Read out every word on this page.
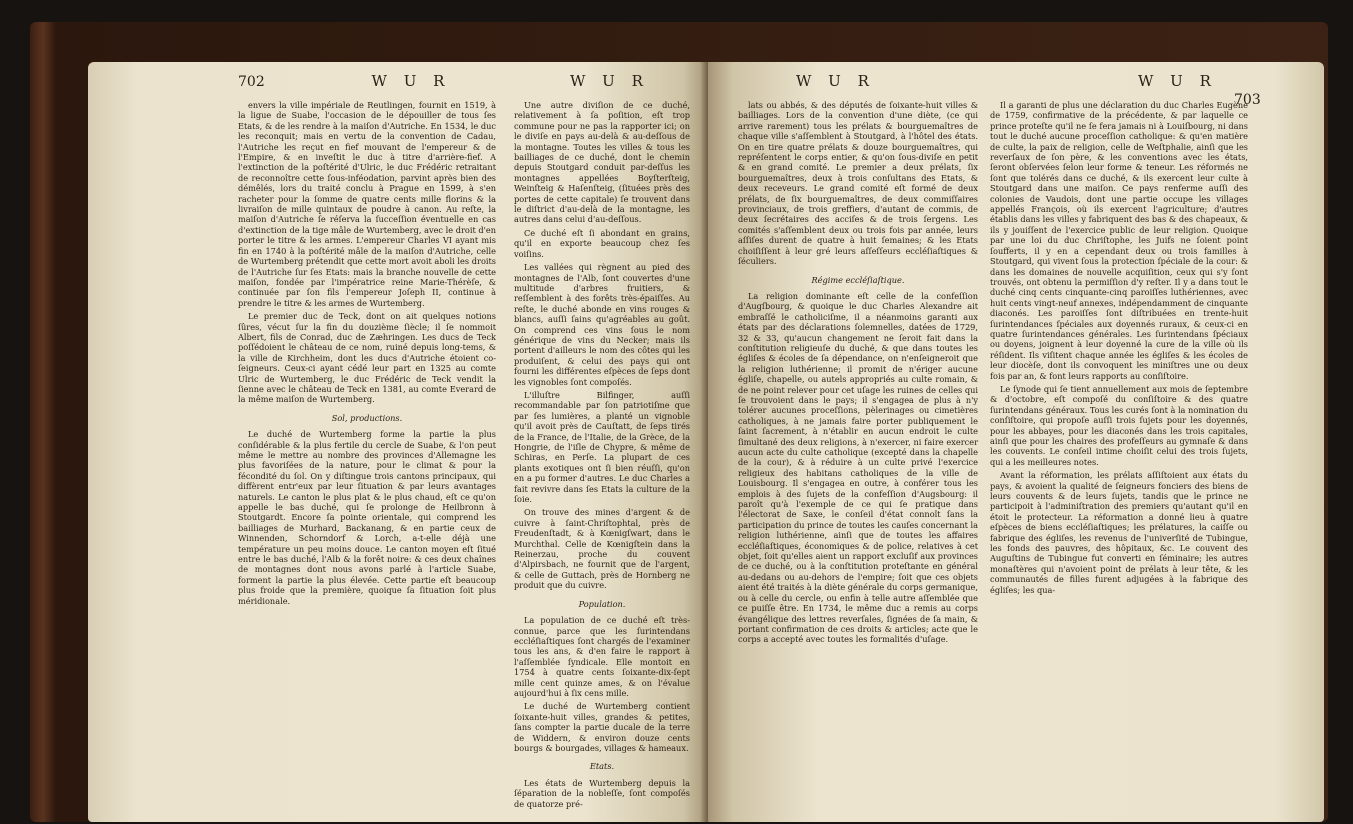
702	W U R	W U R

envers la ville impériale de Reutlingen, fournit en 1519, à la ligue de Suabe, l'occasion de le dépouiller de tous ſes Etats, & de les rendre à la maiſon d'Autriche. En 1534, le duc les reconquit; mais en vertu de la convention de Cadau, l'Autriche les reçut en fief mouvant de l'empereur & de l'Empire, & en inveſtit le duc à titre d'arrière-fief. A l'extinction de la poſtérité d'Ulric, le duc Frédéric retraitant de reconnoître cette ſous-inféodation, parvint après bien des démêlés, lors du traité conclu à Prague en 1599, à s'en racheter pour la ſomme de quatre cents mille florins & la livraiſon de mille quintaux de poudre à canon. Au reſte, la maiſon d'Autriche ſe réſerva la ſucceſſion éventuelle en cas d'extinction de la tige mâle de Wurtemberg, avec le droit d'en porter le titre & les armes. L'empereur Charles VI ayant mis fin en 1740 à la poſtérité mâle de la maiſon d'Autriche, celle de Wurtemberg prétendit que cette mort avoit aboli les droits de l'Autriche ſur ſes Etats: mais la branche nouvelle de cette maiſon, fondée par l'impératrice reine Marie-Thérèſe, & continuée par ſon fils l'empereur Joſeph II, continue à prendre le titre & les armes de Wurtemberg.

Le premier duc de Teck, dont on ait quelques notions ſûres, vécut ſur la fin du douzième ſiècle; il ſe nommoit Albert, fils de Conrad, duc de Zæhringen. Les ducs de Teck poſſédoient le château de ce nom, ruiné depuis long-tems, & la ville de Kirchheim, dont les ducs d'Autriche étoient co-ſeigneurs. Ceux-ci ayant cédé leur part en 1325 au comte Ulric de Wurtemberg, le duc Frédéric de Teck vendit la ſienne avec le château de Teck en 1381, au comte Everard de la même maiſon de Wurtemberg.

Sol, productions.

Le duché de Wurtemberg forme la partie la plus conſidérable & la plus fertile du cercle de Suabe, & l'on peut même le mettre au nombre des provinces d'Allemagne les plus favoriſées de la nature, pour le climat & pour la fécondité du ſol. On y diſtingue trois cantons principaux, qui diffèrent entr'eux par leur ſituation & par leurs avantages naturels. Le canton le plus plat & le plus chaud, eſt ce qu'on appelle le bas duché, qui ſe prolonge de Heilbronn à Stoutgardt. Encore ſa pointe orientale, qui comprend les bailliages de Murhard, Backanang, & en partie ceux de Winnenden, Schorndorf & Lorch, a-t-elle déjà une température un peu moins douce. Le canton moyen eſt ſitué entre le bas duché, l'Alb & la forêt noire: & ces deux chaînes de montagnes dont nous avons parlé à l'article Suabe, forment la partie la plus élevée. Cette partie eſt beaucoup plus froide que la première, quoique ſa ſituation ſoit plus méridionale.

Une autre diviſion de ce duché, relativement à ſa poſition, eſt trop commune pour ne pas la rapporter ici; on le diviſe en pays au-delà & au-deſſous de la montagne. Toutes les villes & tous les bailliages de ce duché, dont le chemin depuis Stoutgard conduit par-deſſus les montagnes appellées Boyſterſteig, Weinſteig & Haſenſteig, (ſituées près des portes de cette capitale) ſe trouvent dans le diſtrict d'au-delà de la montagne, les autres dans celui d'au-deſſous.

Ce duché eſt ſi abondant en grains, qu'il en exporte beaucoup chez ſes voiſins.

Les vallées qui règnent au pied des montagnes de l'Alb, ſont couvertes d'une multitude d'arbres fruitiers, & reſſemblent à des forêts très-épaiſſes. Au reſte, le duché abonde en vins rouges & blancs, auſſi ſains qu'agréables au goût. On comprend ces vins ſous le nom générique de vins du Necker; mais ils portent d'ailleurs le nom des côtes qui les produiſent, & celui des pays qui ont fourni les différentes eſpèces de ſeps dont les vignobles ſont compoſés.

L'illuſtre Bilfinger, auſſi recommandable par ſon patriotiſme que par ſes lumières, a planté un vignoble qu'il avoit près de Cauſtatt, de ſeps tirés de la France, de l'Italie, de la Grèce, de la Hongrie, de l'iſle de Chypre, & même de Schiras, en Perſe. La plupart de ces plants exotiques ont ſi bien réuſſi, qu'on en a pu former d'autres. Le duc Charles a fait revivre dans ſes Etats la culture de la ſoie.

On trouve des mines d'argent & de cuivre à ſaint-Chriſtophtal, près de Freudenſtadt, & à Kœnigſwart, dans le Murchthal. Celle de Kœnigſtein dans la Reinerzau, proche du couvent d'Alpirsbach, ne fournit que de l'argent, & celle de Guttach, près de Hornberg ne produit que du cuivre.

Population.

La population de ce duché eſt très-connue, parce que les ſurintendans eccléſiaſtiques ſont chargés de l'examiner tous les ans, & d'en faire le rapport à l'aſſemblée ſyndicale. Elle montoit en 1754 à quatre cents ſoixante-dix-ſept mille cent quinze ames, & on l'évalue aujourd'hui à ſix cens mille.

Le duché de Wurtemberg contient ſoixante-huit villes, grandes & petites, ſans compter la partie ducale de la terre de Widdern, & environ douze cents bourgs & bourgades, villages & hameaux.

Etats.

Les états de Wurtemberg depuis la ſéparation de la nobleſſe, ſont compoſés de quatorze pré-

W U R	W U R 703

lats ou abbés, & des députés de ſoixante-huit villes & bailliages. Lors de la convention d'une diète, (ce qui arrive rarement) tous les prélats & bourguemaîtres de chaque ville s'aſſemblent à Stoutgard, à l'hôtel des états. On en tire quatre prélats & douze bourguemaîtres, qui repréſentent le corps entier, & qu'on ſous-diviſe en petit & en grand comité. Le premier a deux prélats, ſix bourguemaîtres, deux à trois conſultans des Etats, & deux receveurs. Le grand comité eſt formé de deux prélats, de ſix bourguemaîtres, de deux commiſſaires provinciaux, de trois greffiers, d'autant de commis, de deux ſecrétaires des acciſes & de trois ſergens. Les comités s'aſſemblent deux ou trois fois par année, leurs aſſiſes durent de quatre à huit ſemaines; & les Etats choiſiſſent à leur gré leurs aſſeſſeurs eccléſiaſtiques & ſéculiers.

Régime eccléſiaſtique.

La religion dominante eſt celle de la confeſſion d'Augſbourg, & quoique le duc Charles Alexandre ait embraſſé le catholiciſme, il a néanmoins garanti aux états par des déclarations ſolemnelles, datées de 1729, 32 & 33, qu'aucun changement ne ſeroit fait dans la conſtitution religieuſe du duché, & que dans toutes les égliſes & écoles de ſa dépendance, on n'enſeigneroit que la religion luthérienne; il promit de n'ériger aucune égliſe, chapelle, ou autels appropriés au culte romain, & de ne point relever pour cet uſage les ruines de celles qui ſe trouvoient dans le pays; il s'engagea de plus à n'y tolérer aucunes proceſſions, pèlerinages ou cimetières catholiques, à ne jamais faire porter publiquement le ſaint ſacrement, à n'établir en aucun endroit le culte ſimultané des deux religions, à n'exercer, ni faire exercer aucun acte du culte catholique (excepté dans la chapelle de la cour), & à réduire à un culte privé l'exercice religieux des habitans catholiques de la ville de Louisbourg. Il s'engagea en outre, à conférer tous les emplois à des ſujets de la confeſſion d'Augsbourg: il paroît qu'à l'exemple de ce qui ſe pratique dans l'électorat de Saxe, le conſeil d'état connoît ſans la participation du prince de toutes les cauſes concernant la religion luthérienne, ainſi que de toutes les affaires eccléſiaſtiques, économiques & de police, relatives à cet objet, ſoit qu'elles aient un rapport excluſif aux provinces de ce duché, ou à la conſtitution proteſtante en général au-dedans ou au-dehors de l'empire; ſoit que ces objets aient été traités à la diète générale du corps germanique, ou à celle du cercle, ou enfin à telle autre aſſemblée que ce puiſſe être. En 1734, le même duc a remis au corps évangélique des lettres reverſales, ſignées de ſa main, & portant confirmation de ces droits & articles; acte que le corps a accepté avec toutes les formalités d'uſage.

Il a garanti de plus une déclaration du duc Charles Eugène de 1759, confirmative de la précédente, & par laquelle ce prince proteſte qu'il ne ſe fera jamais ni à Louiſbourg, ni dans tout le duché aucune proceſſion catholique: & qu'en matière de culte, la paix de religion, celle de Weſtphalie, ainſi que les reverſaux de ſon père, & les conventions avec les états, ſeront obſervées ſelon leur forme & teneur. Les réformés ne ſont que tolérés dans ce duché, & ils exercent leur culte à Stoutgard dans une maiſon. Ce pays renferme auſſi des colonies de Vaudois, dont une partie occupe les villages appellés François, où ils exercent l'agriculture; d'autres établis dans les villes y fabriquent des bas & des chapeaux, & ils y jouiſſent de l'exercice public de leur religion. Quoique par une loi du duc Chriſtophe, les Juifs ne ſoient point ſoufferts, il y en a cependant deux ou trois familles à Stoutgard, qui vivent ſous la protection ſpéciale de la cour: & dans les domaines de nouvelle acquiſition, ceux qui s'y ſont trouvés, ont obtenu la permiſſion d'y reſter. Il y a dans tout le duché cinq cents cinquante-cinq paroiſſes luthériennes, avec huit cents vingt-neuf annexes, indépendamment de cinquante diaconés. Les paroiſſes ſont diſtribuées en trente-huit ſurintendances ſpéciales aux doyennés ruraux, & ceux-ci en quatre ſurintendances générales. Les ſurintendans ſpéciaux ou doyens, joignent à leur doyenné la cure de la ville où ils réſident. Ils viſitent chaque année les égliſes & les écoles de leur diocèſe, dont ils convoquent les miniſtres une ou deux fois par an, & font leurs rapports au conſiſtoire.

Le ſynode qui ſe tient annuellement aux mois de ſeptembre & d'octobre, eſt compoſé du conſiſtoire & des quatre ſurintendans généraux. Tous les curés ſont à la nomination du conſiſtoire, qui propoſe auſſi trois ſujets pour les doyennés, pour les abbayes, pour les diaconés dans les trois capitales, ainſi que pour les chaires des profeſſeurs au gymnaſe & dans les couvents. Le conſeil intime choiſit celui des trois ſujets, qui a les meilleures notes.

Avant la réformation, les prélats aſſiſtoient aux états du pays, & avoient la qualité de ſeigneurs fonciers des biens de leurs couvents & de leurs ſujets, tandis que le prince ne participoit à l'adminiſtration des premiers qu'autant qu'il en étoit le protecteur. La réformation a donné lieu à quatre eſpèces de biens eccléſiaſtiques; les prélatures, la caiſſe ou fabrique des égliſes, les revenus de l'univerſité de Tubingue, les fonds des pauvres, des hôpitaux, &c. Le couvent des Auguſtins de Tubingue fut converti en ſéminaire; les autres monaſtères qui n'avoient point de prélats à leur tête, & les communautés de filles furent adjugées à la fabrique des égliſes; les qua-
